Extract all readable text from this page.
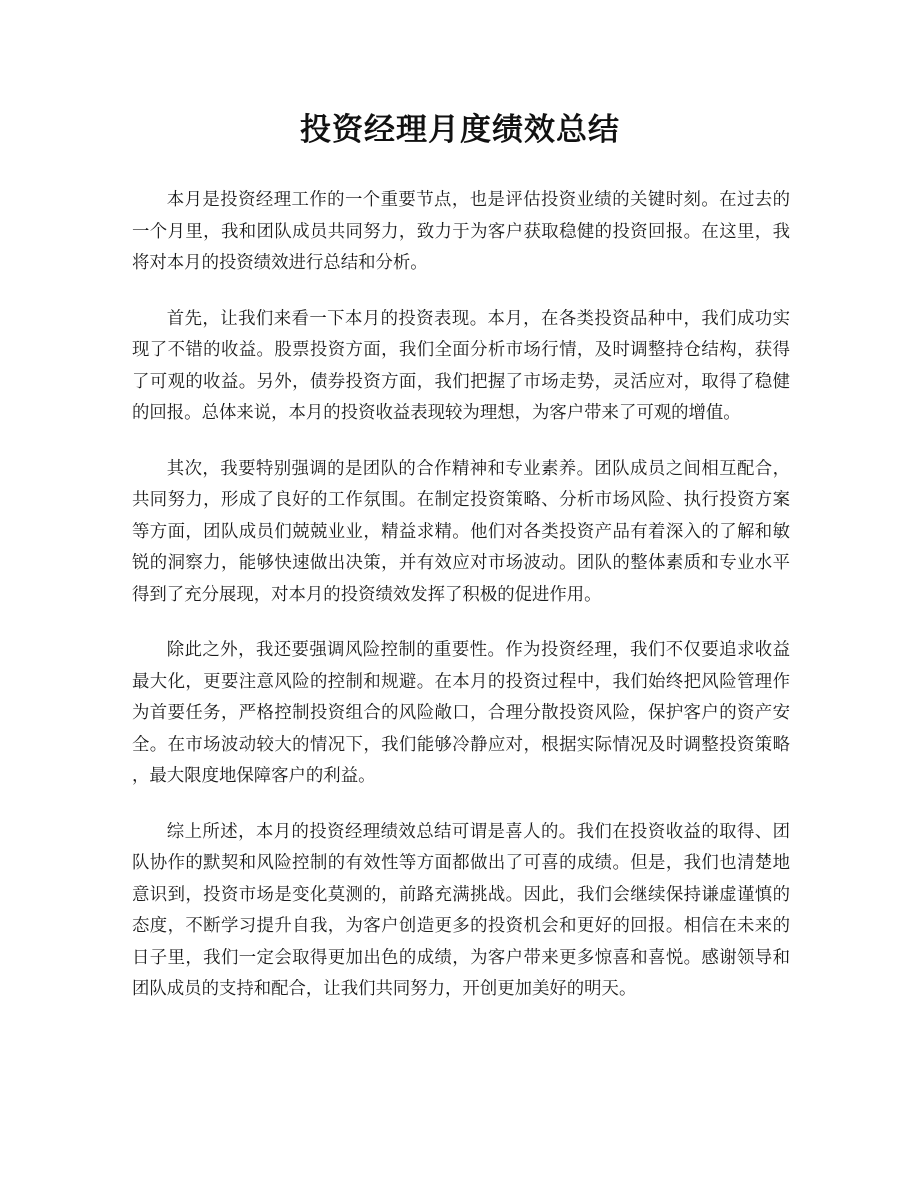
投资经理月度绩效总结

本月是投资经理工作的一个重要节点，也是评估投资业绩的关键时刻。在过去的一个月里，我和团队成员共同努力，致力于为客户获取稳健的投资回报。在这里，我将对本月的投资绩效进行总结和分析。

首先，让我们来看一下本月的投资表现。本月，在各类投资品种中，我们成功实现了不错的收益。股票投资方面，我们全面分析市场行情，及时调整持仓结构，获得了可观的收益。另外，债券投资方面，我们把握了市场走势，灵活应对，取得了稳健的回报。总体来说，本月的投资收益表现较为理想，为客户带来了可观的增值。

其次，我要特别强调的是团队的合作精神和专业素养。团队成员之间相互配合，共同努力，形成了良好的工作氛围。在制定投资策略、分析市场风险、执行投资方案等方面，团队成员们兢兢业业，精益求精。他们对各类投资产品有着深入的了解和敏锐的洞察力，能够快速做出决策，并有效应对市场波动。团队的整体素质和专业水平得到了充分展现，对本月的投资绩效发挥了积极的促进作用。

除此之外，我还要强调风险控制的重要性。作为投资经理，我们不仅要追求收益最大化，更要注意风险的控制和规避。在本月的投资过程中，我们始终把风险管理作为首要任务，严格控制投资组合的风险敞口，合理分散投资风险，保护客户的资产安全。在市场波动较大的情况下，我们能够冷静应对，根据实际情况及时调整投资策略，最大限度地保障客户的利益。

综上所述，本月的投资经理绩效总结可谓是喜人的。我们在投资收益的取得、团队协作的默契和风险控制的有效性等方面都做出了可喜的成绩。但是，我们也清楚地意识到，投资市场是变化莫测的，前路充满挑战。因此，我们会继续保持谦虚谨慎的态度，不断学习提升自我，为客户创造更多的投资机会和更好的回报。相信在未来的日子里，我们一定会取得更加出色的成绩，为客户带来更多惊喜和喜悦。感谢领导和团队成员的支持和配合，让我们共同努力，开创更加美好的明天。
